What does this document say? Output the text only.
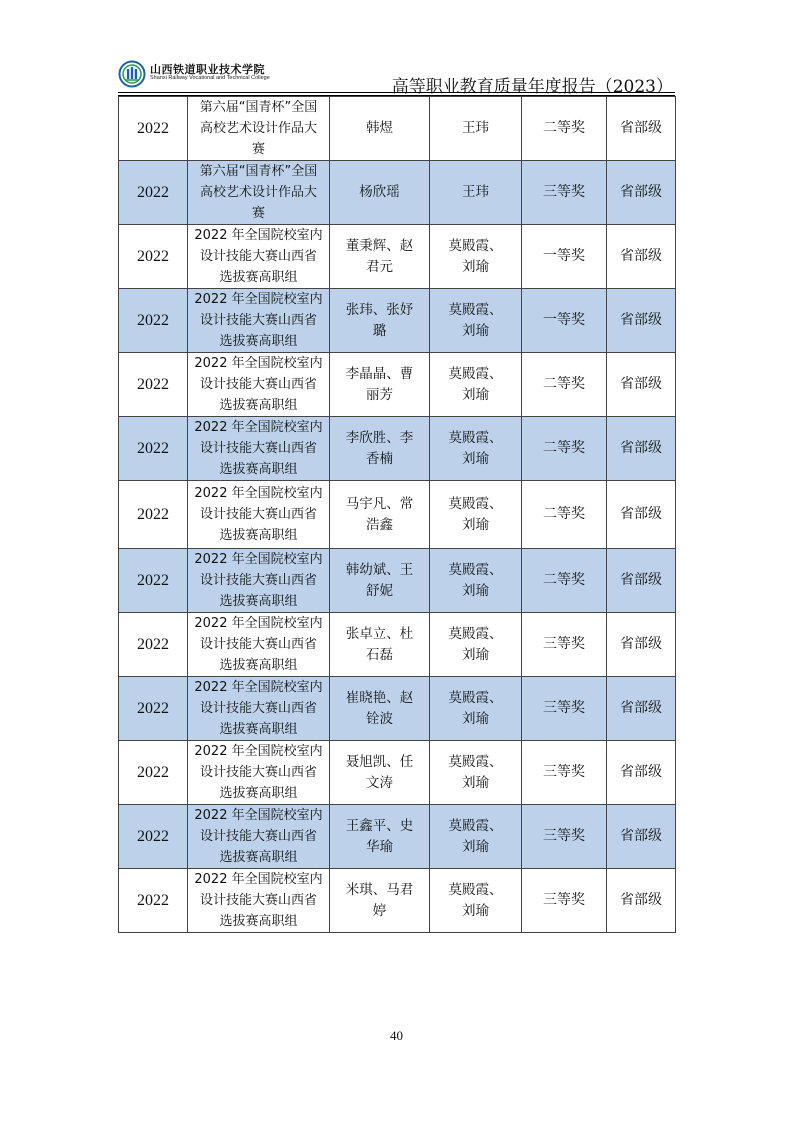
山西铁道职业技术学院
Shanxi Railway Vocational and Technical College	高等职业教育质量年度报告（2023）
2022	第六届“国青杯”全国高校艺术设计作品大赛	韩煜	王玮	二等奖	省部级
2022	第六届“国青杯”全国高校艺术设计作品大赛	杨欣瑶	王玮	三等奖	省部级
2022	2022 年全国院校室内设计技能大赛山西省选拔赛高职组	董秉辉、赵君元	莫殿霞、刘瑜	一等奖	省部级
2022	2022 年全国院校室内设计技能大赛山西省选拔赛高职组	张玮、张妤璐	莫殿霞、刘瑜	一等奖	省部级
2022	2022 年全国院校室内设计技能大赛山西省选拔赛高职组	李晶晶、曹丽芳	莫殿霞、刘瑜	二等奖	省部级
2022	2022 年全国院校室内设计技能大赛山西省选拔赛高职组	李欣胜、李香楠	莫殿霞、刘瑜	二等奖	省部级
2022	2022 年全国院校室内设计技能大赛山西省选拔赛高职组	马宇凡、常浩鑫	莫殿霞、刘瑜	二等奖	省部级
2022	2022 年全国院校室内设计技能大赛山西省选拔赛高职组	韩幼斌、王舒妮	莫殿霞、刘瑜	二等奖	省部级
2022	2022 年全国院校室内设计技能大赛山西省选拔赛高职组	张卓立、杜石磊	莫殿霞、刘瑜	三等奖	省部级
2022	2022 年全国院校室内设计技能大赛山西省选拔赛高职组	崔晓艳、赵铨波	莫殿霞、刘瑜	三等奖	省部级
2022	2022 年全国院校室内设计技能大赛山西省选拔赛高职组	聂旭凯、任文涛	莫殿霞、刘瑜	三等奖	省部级
2022	2022 年全国院校室内设计技能大赛山西省选拔赛高职组	王鑫平、史华瑜	莫殿霞、刘瑜	三等奖	省部级
2022	2022 年全国院校室内设计技能大赛山西省选拔赛高职组	米琪、马君婷	莫殿霞、刘瑜	三等奖	省部级
40
